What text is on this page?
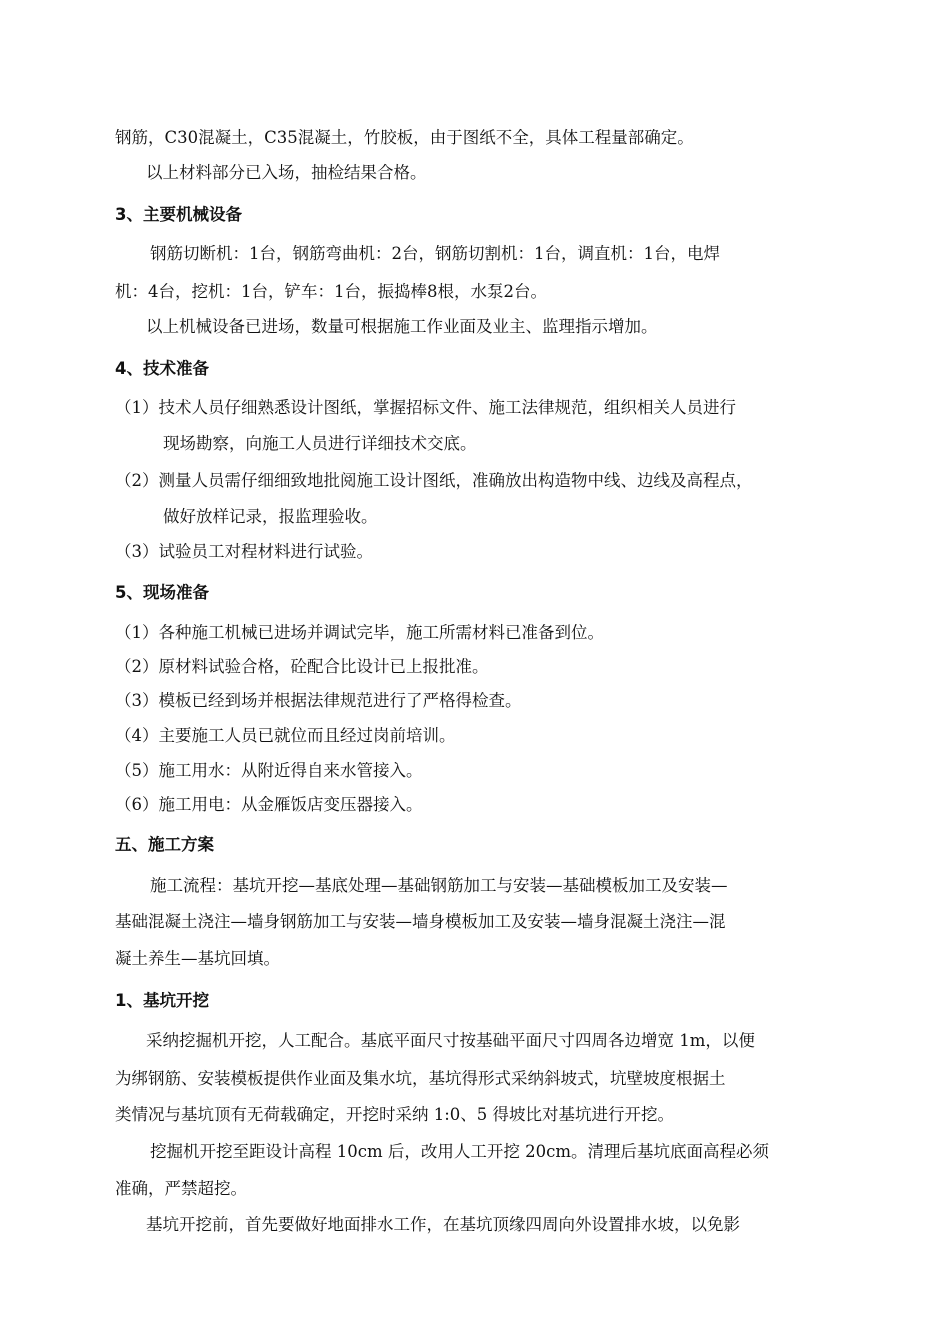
钢筋，C30混凝土，C35混凝土，竹胶板，由于图纸不全，具体工程量部确定。
以上材料部分已入场，抽检结果合格。
3、主要机械设备
钢筋切断机：1台，钢筋弯曲机：2台，钢筋切割机：1台，调直机：1台，电焊
机：4台，挖机：1台，铲车：1台，振捣棒8根，水泵2台。
以上机械设备已进场，数量可根据施工作业面及业主、监理指示增加。
4、技术准备
（1）技术人员仔细熟悉设计图纸，掌握招标文件、施工法律规范，组织相关人员进行
现场勘察，向施工人员进行详细技术交底。
（2）测量人员需仔细细致地批阅施工设计图纸，准确放出构造物中线、边线及高程点，
做好放样记录，报监理验收。
（3）试验员工对程材料进行试验。
5、现场准备
（1）各种施工机械已进场并调试完毕，施工所需材料已准备到位。
（2）原材料试验合格，砼配合比设计已上报批准。
（3）模板已经到场并根据法律规范进行了严格得检查。
（4）主要施工人员已就位而且经过岗前培训。
（5）施工用水：从附近得自来水管接入。
（6）施工用电：从金雁饭店变压器接入。
五、施工方案
施工流程：基坑开挖—基底处理—基础钢筋加工与安装—基础模板加工及安装—
基础混凝土浇注—墙身钢筋加工与安装—墙身模板加工及安装—墙身混凝土浇注—混
凝土养生—基坑回填。
1、基坑开挖
采纳挖掘机开挖，人工配合。基底平面尺寸按基础平面尺寸四周各边增宽 1m，以便
为绑钢筋、安装模板提供作业面及集水坑，基坑得形式采纳斜坡式，坑壁坡度根据土
类情况与基坑顶有无荷载确定，开挖时采纳 1:0、5 得坡比对基坑进行开挖。
挖掘机开挖至距设计高程 10cm 后，改用人工开挖 20cm。清理后基坑底面高程必须
准确，严禁超挖。
基坑开挖前，首先要做好地面排水工作，在基坑顶缘四周向外设置排水坡，以免影
